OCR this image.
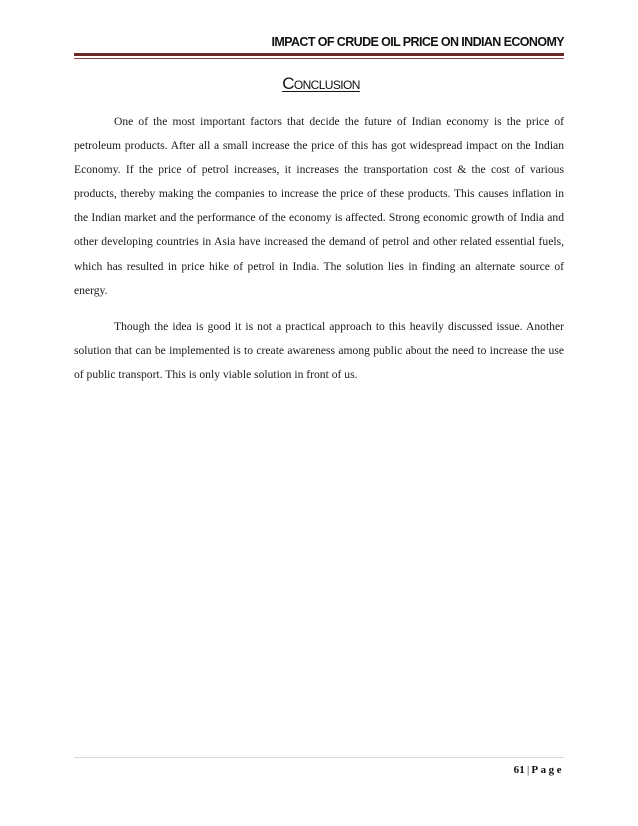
IMPACT OF CRUDE OIL PRICE ON INDIAN ECONOMY
Conclusion

One of the most important factors that decide the future of Indian economy is the price of petroleum products. After all a small increase the price of this has got widespread impact on the Indian Economy. If the price of petrol increases, it increases the transportation cost & the cost of various products, thereby making the companies to increase the price of these products. This causes inflation in the Indian market and the performance of the economy is affected. Strong economic growth of India and other developing countries in Asia have increased the demand of petrol and other related essential fuels, which has resulted in price hike of petrol in India. The solution lies in finding an alternate source of energy.

Though the idea is good it is not a practical approach to this heavily discussed issue. Another solution that can be implemented is to create awareness among public about the need to increase the use of public transport. This is only viable solution in front of us.

61 | Page
